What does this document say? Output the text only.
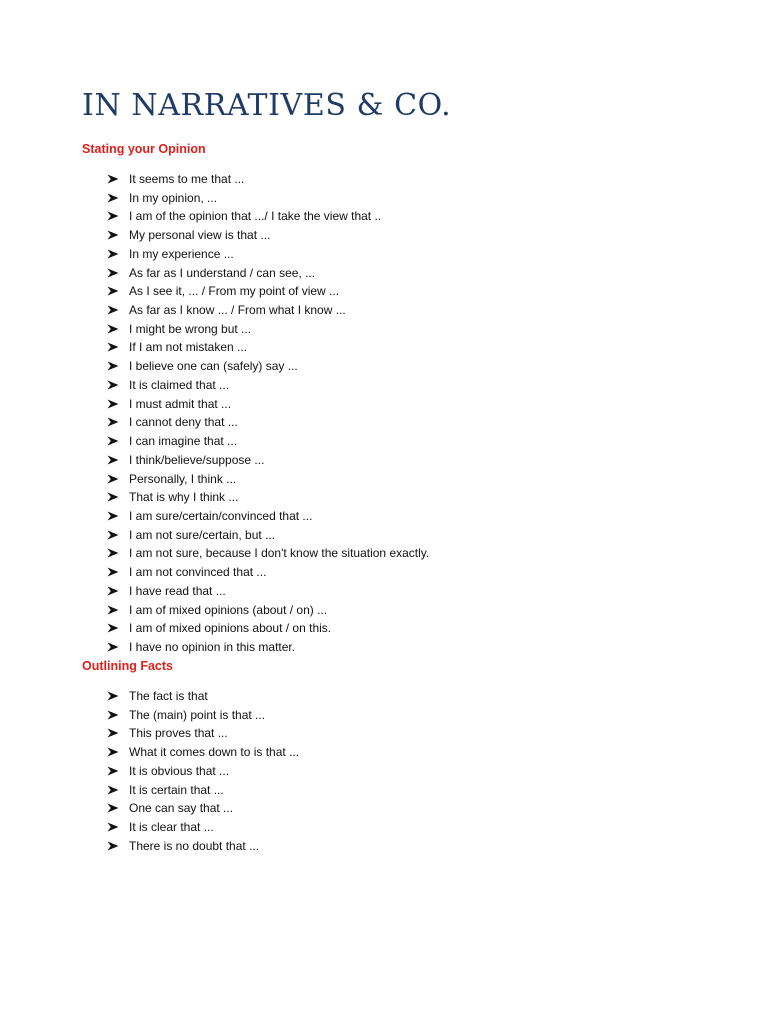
IN NARRATIVES & CO.
Stating your Opinion
It seems to me that ...
In my opinion, ...
I am of the opinion that .../ I take the view that ..
My personal view is that ...
In my experience ...
As far as I understand / can see, ...
As I see it, ... / From my point of view ...
As far as I know ... / From what I know ...
I might be wrong but ...
If I am not mistaken ...
I believe one can (safely) say ...
It is claimed that ...
I must admit that ...
I cannot deny that ...
I can imagine that ...
I think/believe/suppose ...
Personally, I think ...
That is why I think ...
I am sure/certain/convinced that ...
I am not sure/certain, but ...
I am not sure, because I don't know the situation exactly.
I am not convinced that ...
I have read that ...
I am of mixed opinions (about / on) ...
I am of mixed opinions about / on this.
I have no opinion in this matter.
Outlining Facts
The fact is that
The (main) point is that ...
This proves that ...
What it comes down to is that ...
It is obvious that ...
It is certain that ...
One can say that ...
It is clear that ...
There is no doubt that ...
